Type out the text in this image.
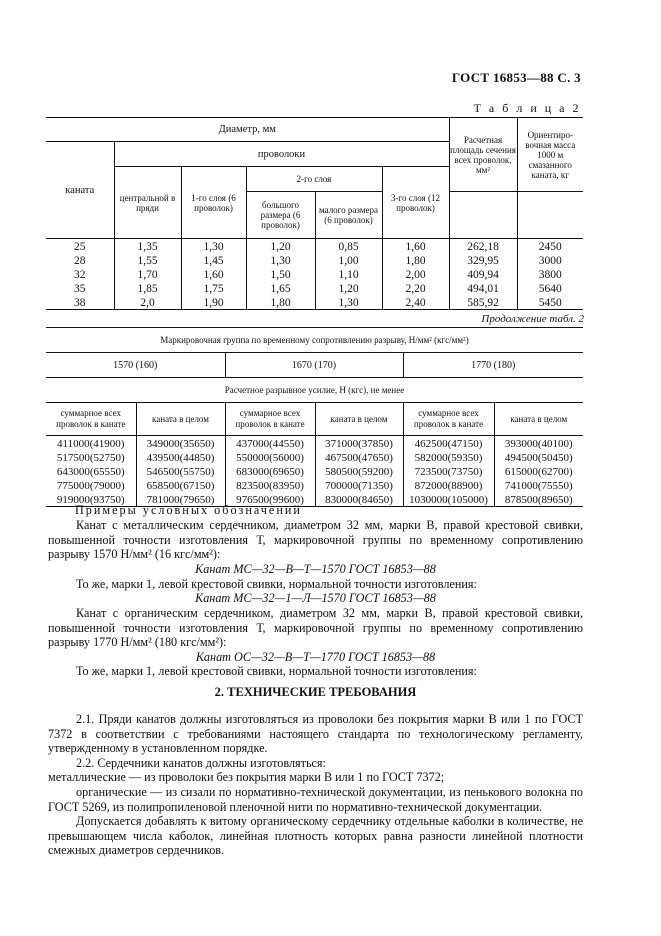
ГОСТ 16853—88 С. 3
Т а б л и ц а 2
Диаметр, мм						Расчетная площадь сечения всех проволок, мм²	Ориентиро-вочная масса 1000 м смазанного каната, кг
каната	проволоки						
	центральной в пряди	1-го слоя (6 проволок)	2-го слоя		3-го слоя (12 проволок)		
			большого размера (6 проволок)	малого размера (6 проволок)			
25	1,35	1,30	1,20	0,85	1,60	262,18	2450
28	1,55	1,45	1,30	1,00	1,80	329,95	3000
32	1,70	1,60	1,50	1,10	2,00	409,94	3800
35	1,85	1,75	1,65	1,20	2,20	494,01	5640
38	2,0	1,90	1,80	1,30	2,40	585,92	5450
Продолжение табл. 2
Маркировочная группа по временному сопротивлению разрыву, Н/мм² (кгс/мм²)					
1570 (160)		1670 (170)		1770 (180)	
Расчетное разрывное усилие, Н (кгс), не менее					
суммарное всех проволок в канате	каната в целом	суммарное всех проволок в канате	каната в целом	суммарное всех проволок в канате	каната в целом
411000(41900)	349000(35650)	437000(44550)	371000(37850)	462500(47150)	393000(40100)
517500(52750)	439500(44850)	550000(56000)	467500(47650)	582000(59350)	494500(50450)
643000(65550)	546500(55750)	683000(69650)	580500(59200)	723500(73750)	615000(62700)
775000(79000)	658500(67150)	823500(83950)	700000(71350)	872000(88900)	741000(75550)
919000(93750)	781000(79650)	976500(99600)	830000(84650)	1030000(105000)	878500(89650)
Примеры условных обозначений
Канат с металлическим сердечником, диаметром 32 мм, марки В, правой крестовой свивки, повышенной точности изготовления Т, маркировочной группы по временному сопротивлению разрыву 1570 Н/мм² (16 кгс/мм²):
Канат МС—32—В—Т—1570 ГОСТ 16853—88
То же, марки 1, левой крестовой свивки, нормальной точности изготовления:
Канат МС—32—1—Л—1570 ГОСТ 16853—88
Канат с органическим сердечником, диаметром 32 мм, марки В, правой крестовой свивки, повышенной точности изготовления Т, маркировочной группы по временному сопротивлению разрыву 1770 Н/мм² (180 кгс/мм²):
Канат ОС—32—В—Т—1770 ГОСТ 16853—88
То же, марки 1, левой крестовой свивки, нормальной точности изготовления:
2. ТЕХНИЧЕСКИЕ ТРЕБОВАНИЯ
2.1. Пряди канатов должны изготовляться из проволоки без покрытия марки В или 1 по ГОСТ 7372 в соответствии с требованиями настоящего стандарта по технологическому регламенту, утвержденному в установленном порядке.
2.2. Сердечники канатов должны изготовляться:
металлические — из проволоки без покрытия марки В или 1 по ГОСТ 7372;
органические — из сизали по нормативно-технической документации, из пенькового волокна по ГОСТ 5269, из полипропиленовой пленочной нити по нормативно-технической документации.
Допускается добавлять к витому органическому сердечнику отдельные каболки в количестве, не превышающем числа каболок, линейная плотность которых равна разности линейной плотности смежных диаметров сердечников.
